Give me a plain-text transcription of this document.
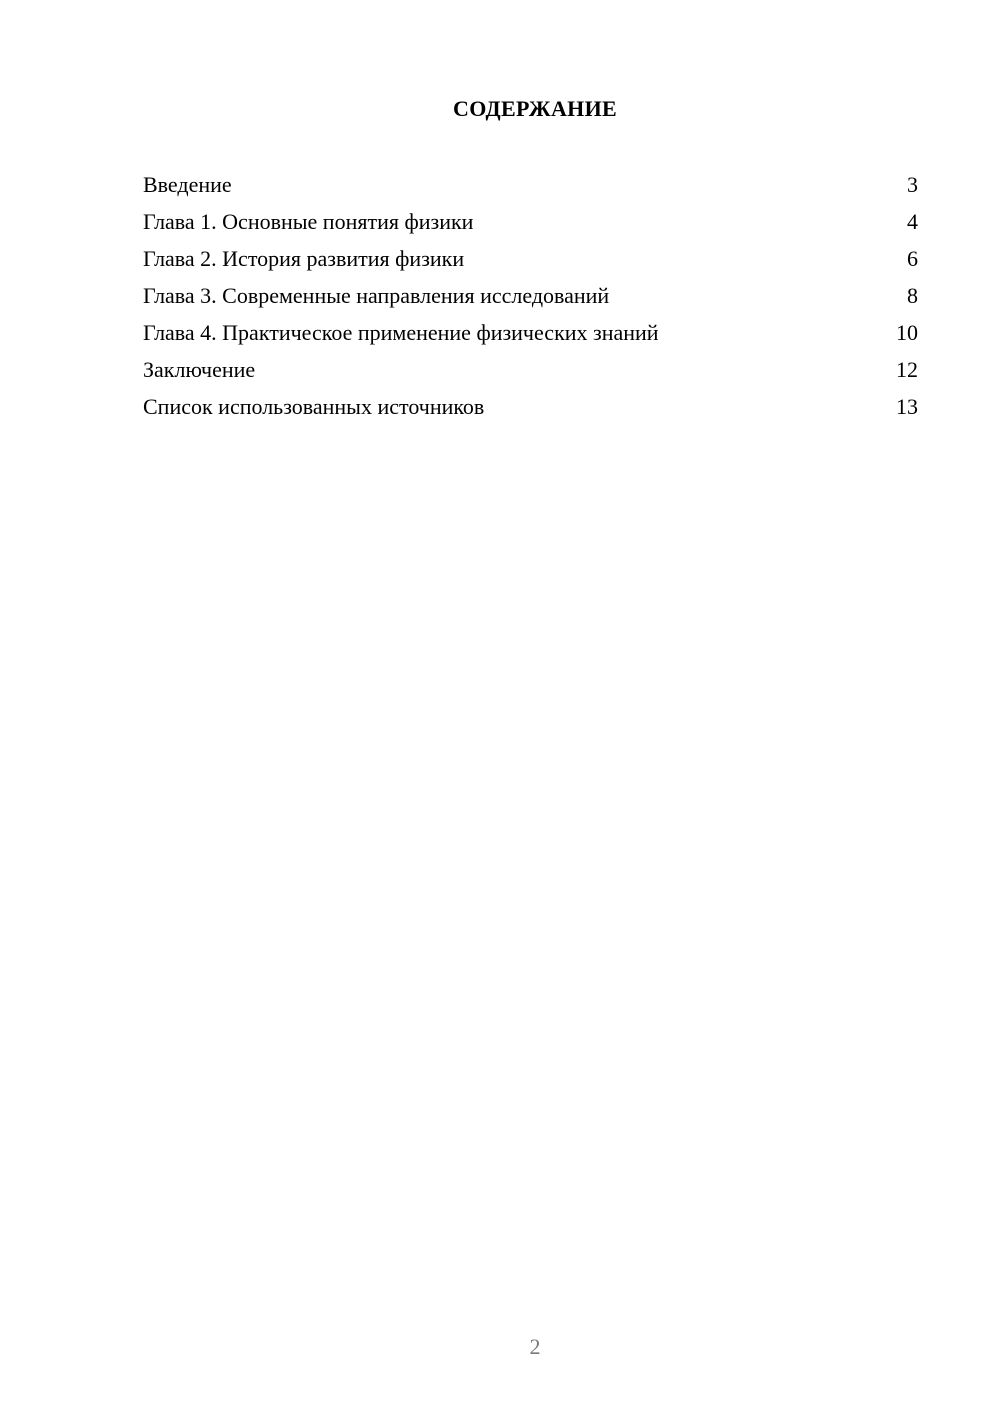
СОДЕРЖАНИЕ
Введение	3
Глава 1. Основные понятия физики	4
Глава 2. История развития физики	6
Глава 3. Современные направления исследований	8
Глава 4. Практическое применение физических знаний	10
Заключение	12
Список использованных источников	13
2
